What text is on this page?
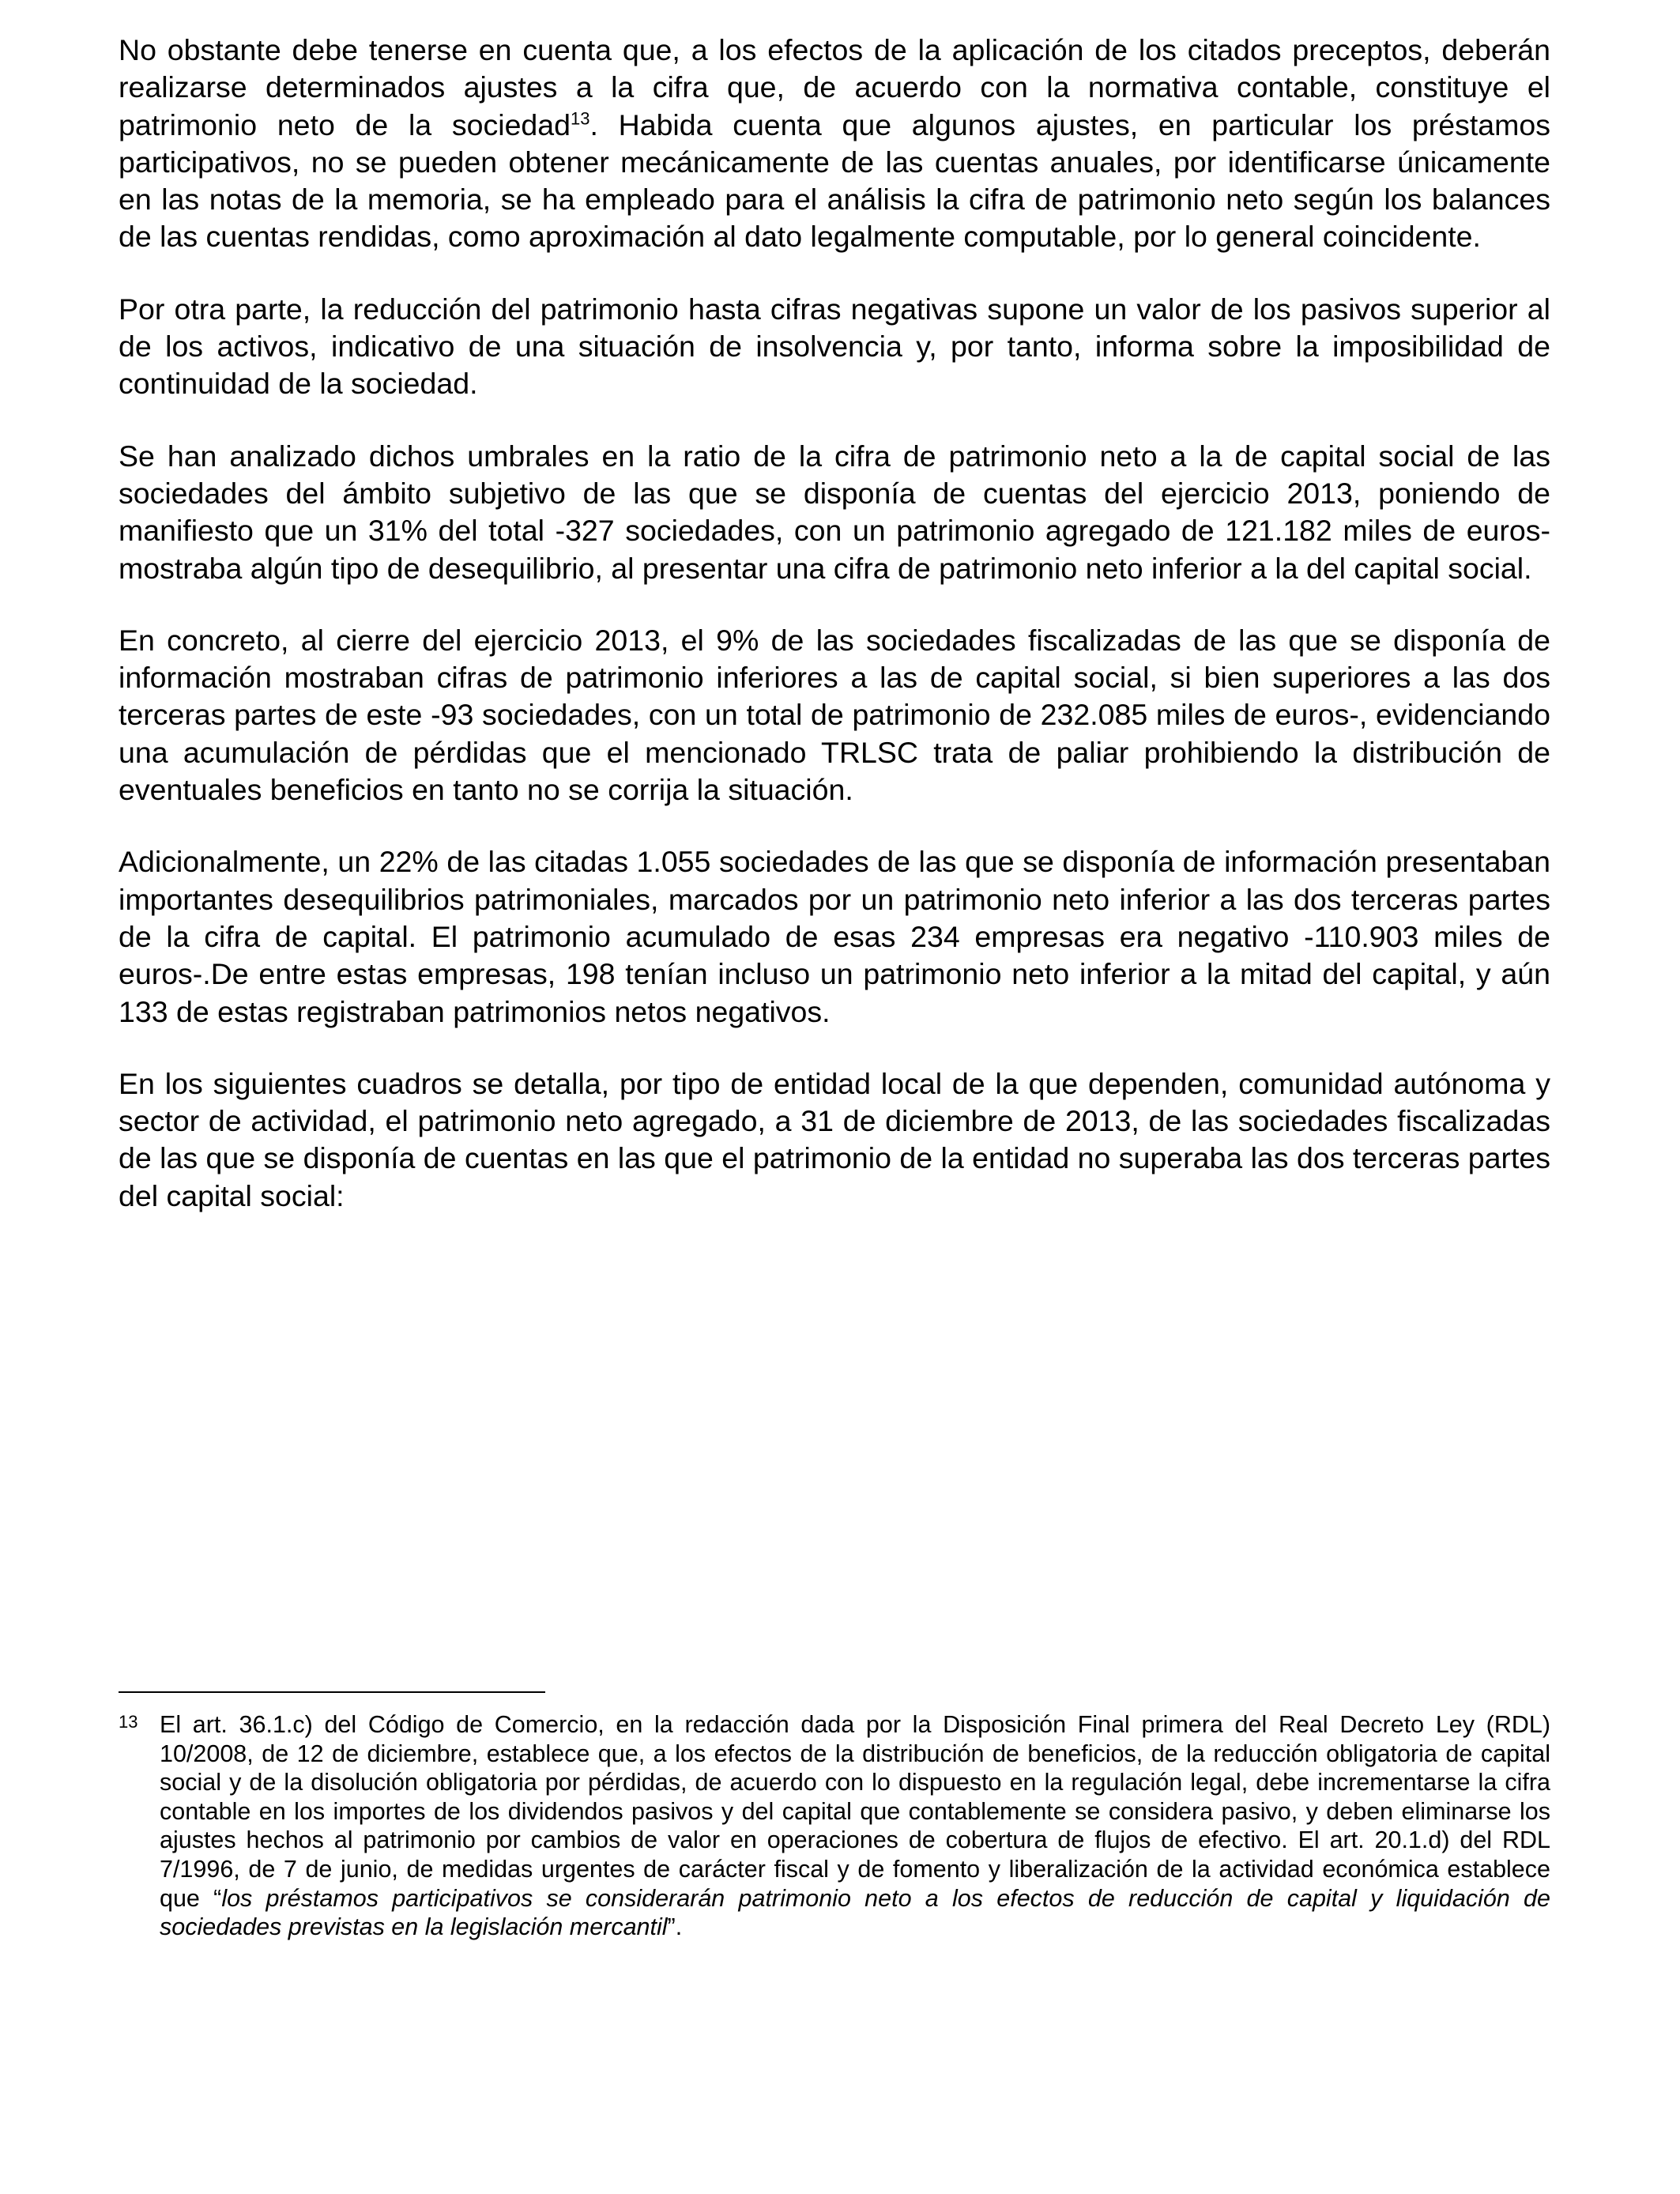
No obstante debe tenerse en cuenta que, a los efectos de la aplicación de los citados preceptos, deberán realizarse determinados ajustes a la cifra que, de acuerdo con la normativa contable, constituye el patrimonio neto de la sociedad$^{13}$. Habida cuenta que algunos ajustes, en particular los préstamos participativos, no se pueden obtener mecánicamente de las cuentas anuales, por identificarse únicamente en las notas de la memoria, se ha empleado para el análisis la cifra de patrimonio neto según los balances de las cuentas rendidas, como aproximación al dato legalmente computable, por lo general coincidente.

Por otra parte, la reducción del patrimonio hasta cifras negativas supone un valor de los pasivos superior al de los activos, indicativo de una situación de insolvencia y, por tanto, informa sobre la imposibilidad de continuidad de la sociedad.

Se han analizado dichos umbrales en la ratio de la cifra de patrimonio neto a la de capital social de las sociedades del ámbito subjetivo de las que se disponía de cuentas del ejercicio 2013, poniendo de manifiesto que un 31% del total -327 sociedades, con un patrimonio agregado de 121.182 miles de euros- mostraba algún tipo de desequilibrio, al presentar una cifra de patrimonio neto inferior a la del capital social.

En concreto, al cierre del ejercicio 2013, el 9% de las sociedades fiscalizadas de las que se disponía de información mostraban cifras de patrimonio inferiores a las de capital social, si bien superiores a las dos terceras partes de este -93 sociedades, con un total de patrimonio de 232.085 miles de euros-, evidenciando una acumulación de pérdidas que el mencionado TRLSC trata de paliar prohibiendo la distribución de eventuales beneficios en tanto no se corrija la situación.

Adicionalmente, un 22% de las citadas 1.055 sociedades de las que se disponía de información presentaban importantes desequilibrios patrimoniales, marcados por un patrimonio neto inferior a las dos terceras partes de la cifra de capital. El patrimonio acumulado de esas 234 empresas era negativo -110.903 miles de euros-.De entre estas empresas, 198 tenían incluso un patrimonio neto inferior a la mitad del capital, y aún 133 de estas registraban patrimonios netos negativos.

En los siguientes cuadros se detalla, por tipo de entidad local de la que dependen, comunidad autónoma y sector de actividad, el patrimonio neto agregado, a 31 de diciembre de 2013, de las sociedades fiscalizadas de las que se disponía de cuentas en las que el patrimonio de la entidad no superaba las dos terceras partes del capital social:

13 El art. 36.1.c) del Código de Comercio, en la redacción dada por la Disposición Final primera del Real Decreto Ley (RDL) 10/2008, de 12 de diciembre, establece que, a los efectos de la distribución de beneficios, de la reducción obligatoria de capital social y de la disolución obligatoria por pérdidas, de acuerdo con lo dispuesto en la regulación legal, debe incrementarse la cifra contable en los importes de los dividendos pasivos y del capital que contablemente se considera pasivo, y deben eliminarse los ajustes hechos al patrimonio por cambios de valor en operaciones de cobertura de flujos de efectivo. El art. 20.1.d) del RDL 7/1996, de 7 de junio, de medidas urgentes de carácter fiscal y de fomento y liberalización de la actividad económica establece que “los préstamos participativos se considerarán patrimonio neto a los efectos de reducción de capital y liquidación de sociedades previstas en la legislación mercantil”.
